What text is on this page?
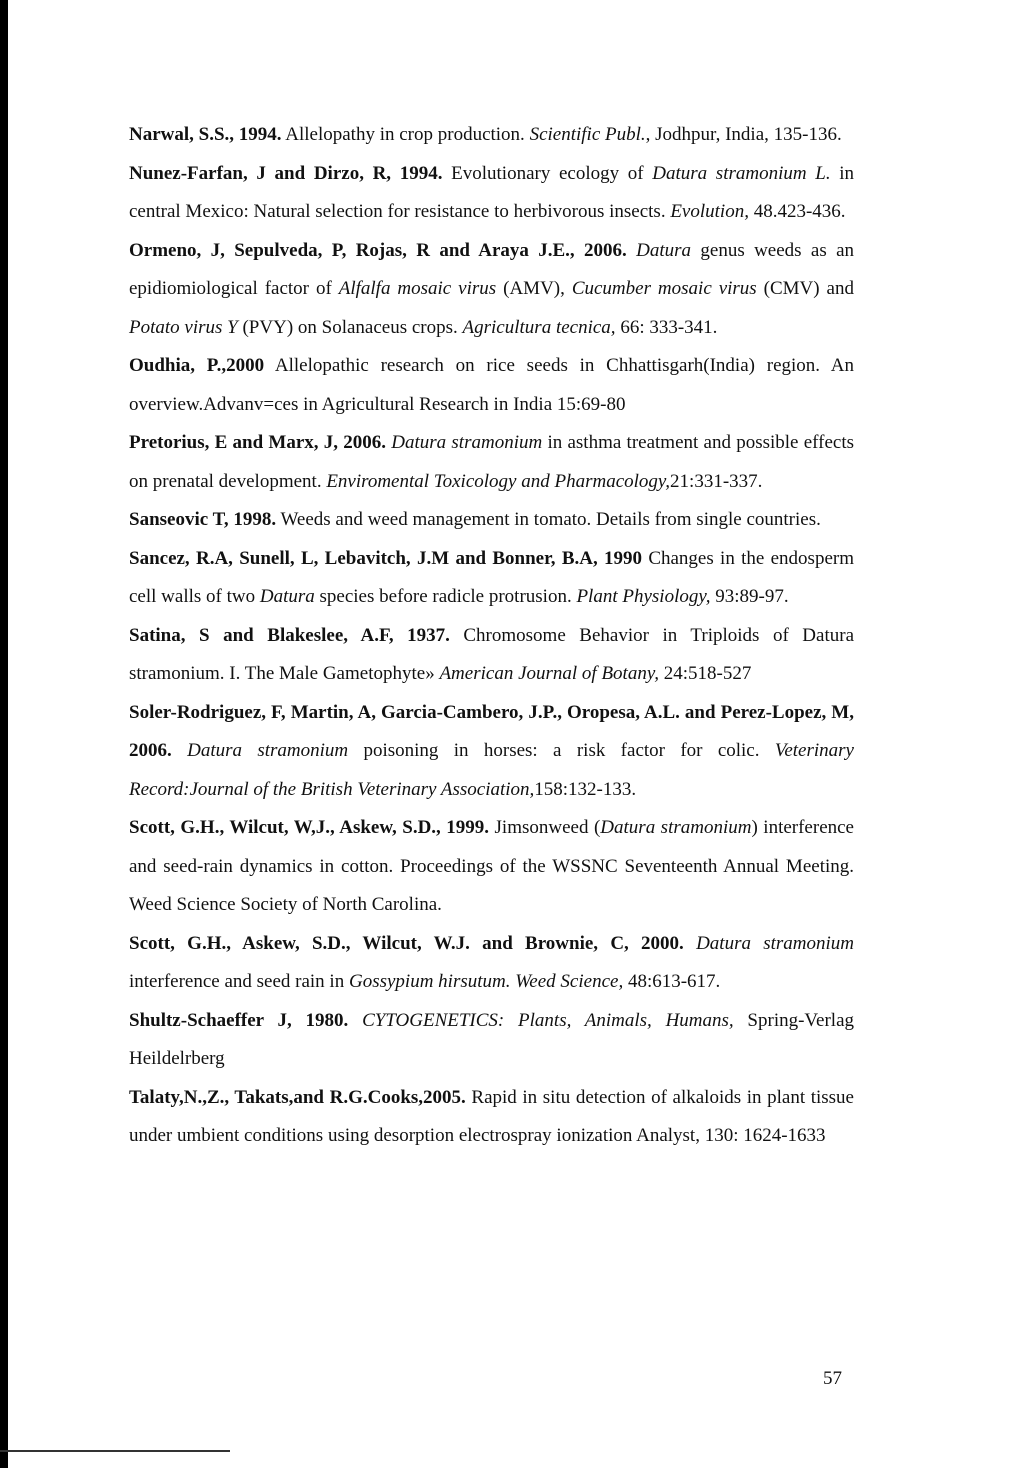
Narwal, S.S., 1994. Allelopathy in crop production. Scientific Publ., Jodhpur, India, 135-136.

Nunez-Farfan, J and Dirzo, R, 1994. Evolutionary ecology of Datura stramonium L. in central Mexico: Natural selection for resistance to herbivorous insects. Evolution, 48.423-436.

Ormeno, J, Sepulveda, P, Rojas, R and Araya J.E., 2006. Datura genus weeds as an epidiomiological factor of Alfalfa mosaic virus (AMV), Cucumber mosaic virus (CMV) and Potato virus Y (PVY) on Solanaceus crops. Agricultura tecnica, 66: 333-341.

Oudhia, P.,2000 Allelopathic research on rice seeds in Chhattisgarh(India) region. An overview.Advanv=ces in Agricultural Research in India 15:69-80

Pretorius, E and Marx, J, 2006. Datura stramonium in asthma treatment and possible effects on prenatal development. Enviromental Toxicology and Pharmacology,21:331-337.

Sanseovic T, 1998. Weeds and weed management in tomato. Details from single countries.

Sancez, R.A, Sunell, L, Lebavitch, J.M and Bonner, B.A, 1990 Changes in the endosperm cell walls of two Datura species before radicle protrusion. Plant Physiology, 93:89-97.

Satina, S and Blakeslee, A.F, 1937. Chromosome Behavior in Triploids of Datura stramonium. I. The Male Gametophyte» American Journal of Botany, 24:518-527

Soler-Rodriguez, F, Martin, A, Garcia-Cambero, J.P., Oropesa, A.L. and Perez-Lopez, M, 2006. Datura stramonium poisoning in horses: a risk factor for colic. Veterinary Record:Journal of the British Veterinary Association,158:132-133.

Scott, G.H., Wilcut, W,J., Askew, S.D., 1999. Jimsonweed (Datura stramonium) interference and seed-rain dynamics in cotton. Proceedings of the WSSNC Seventeenth Annual Meeting. Weed Science Society of North Carolina.

Scott, G.H., Askew, S.D., Wilcut, W.J. and Brownie, C, 2000. Datura stramonium interference and seed rain in Gossypium hirsutum. Weed Science, 48:613-617.

Shultz-Schaeffer J, 1980. CYTOGENETICS: Plants, Animals, Humans, Spring-Verlag Heildelrberg

Talaty,N.,Z., Takats,and R.G.Cooks,2005. Rapid in situ detection of alkaloids in plant tissue under umbient conditions using desorption electrospray ionization Analyst, 130: 1624-1633

57
